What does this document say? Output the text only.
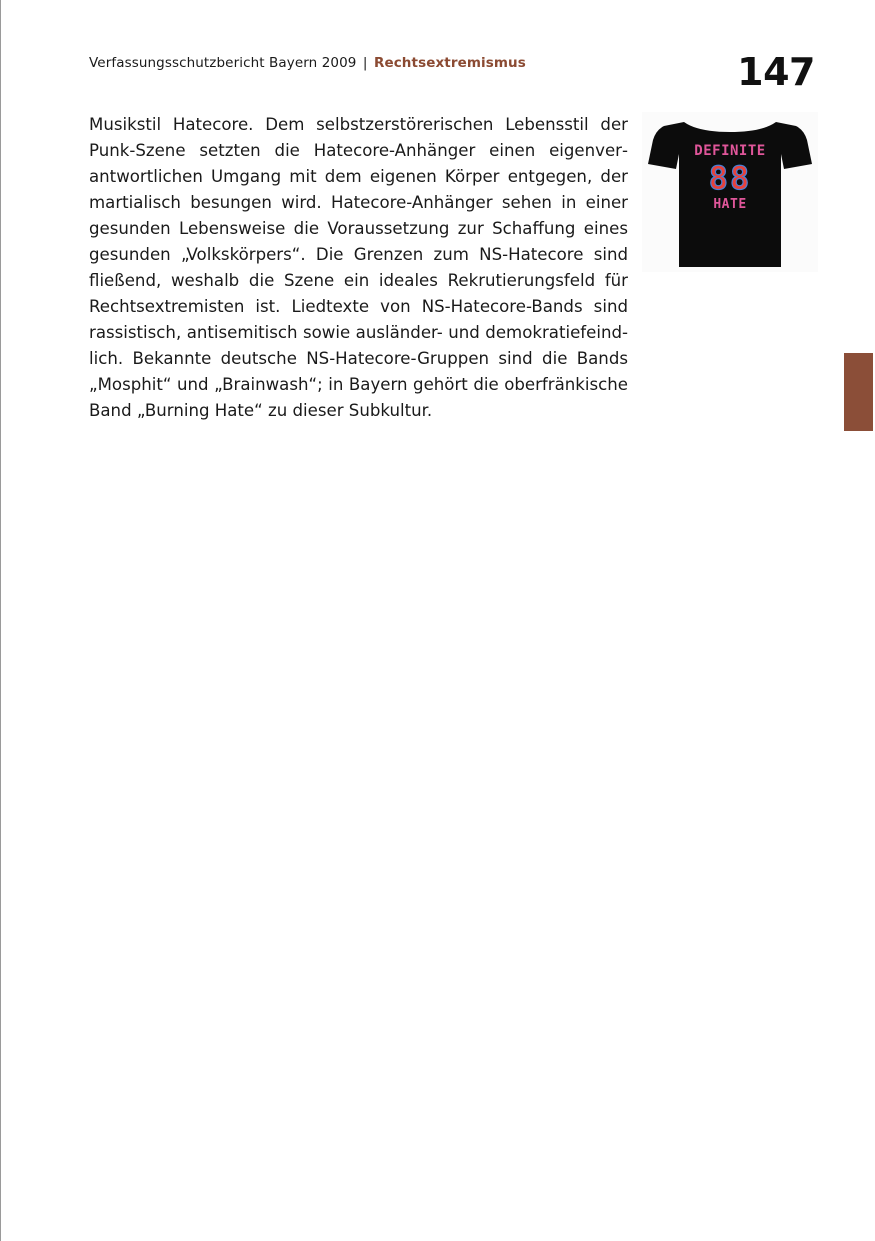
Verfassungsschutzbericht Bayern 2009 | Rechtsextremismus	147
Musikstil Hatecore. Dem selbstzerstörerischen Lebensstil der Punk-Szene setzten die Hatecore-Anhänger einen eigenverantwortlichen Umgang mit dem eigenen Körper entgegen, der martialisch besungen wird. Hatecore-Anhänger sehen in einer gesunden Lebensweise die Voraussetzung zur Schaffung eines gesunden „Volkskörpers“. Die Grenzen zum NS-Hatecore sind fließend, weshalb die Szene ein ideales Rekrutierungsfeld für Rechtsextremisten ist. Liedtexte von NS-Hatecore-Bands sind rassistisch, antisemitisch sowie ausländer- und demokratiefeindlich. Bekannte deutsche NS-Hatecore-Gruppen sind die Bands „Mosphit“ und „Brainwash“; in Bayern gehört die oberfränkische Band „Burning Hate“ zu dieser Subkultur.
DEFINITE
88
HATE
